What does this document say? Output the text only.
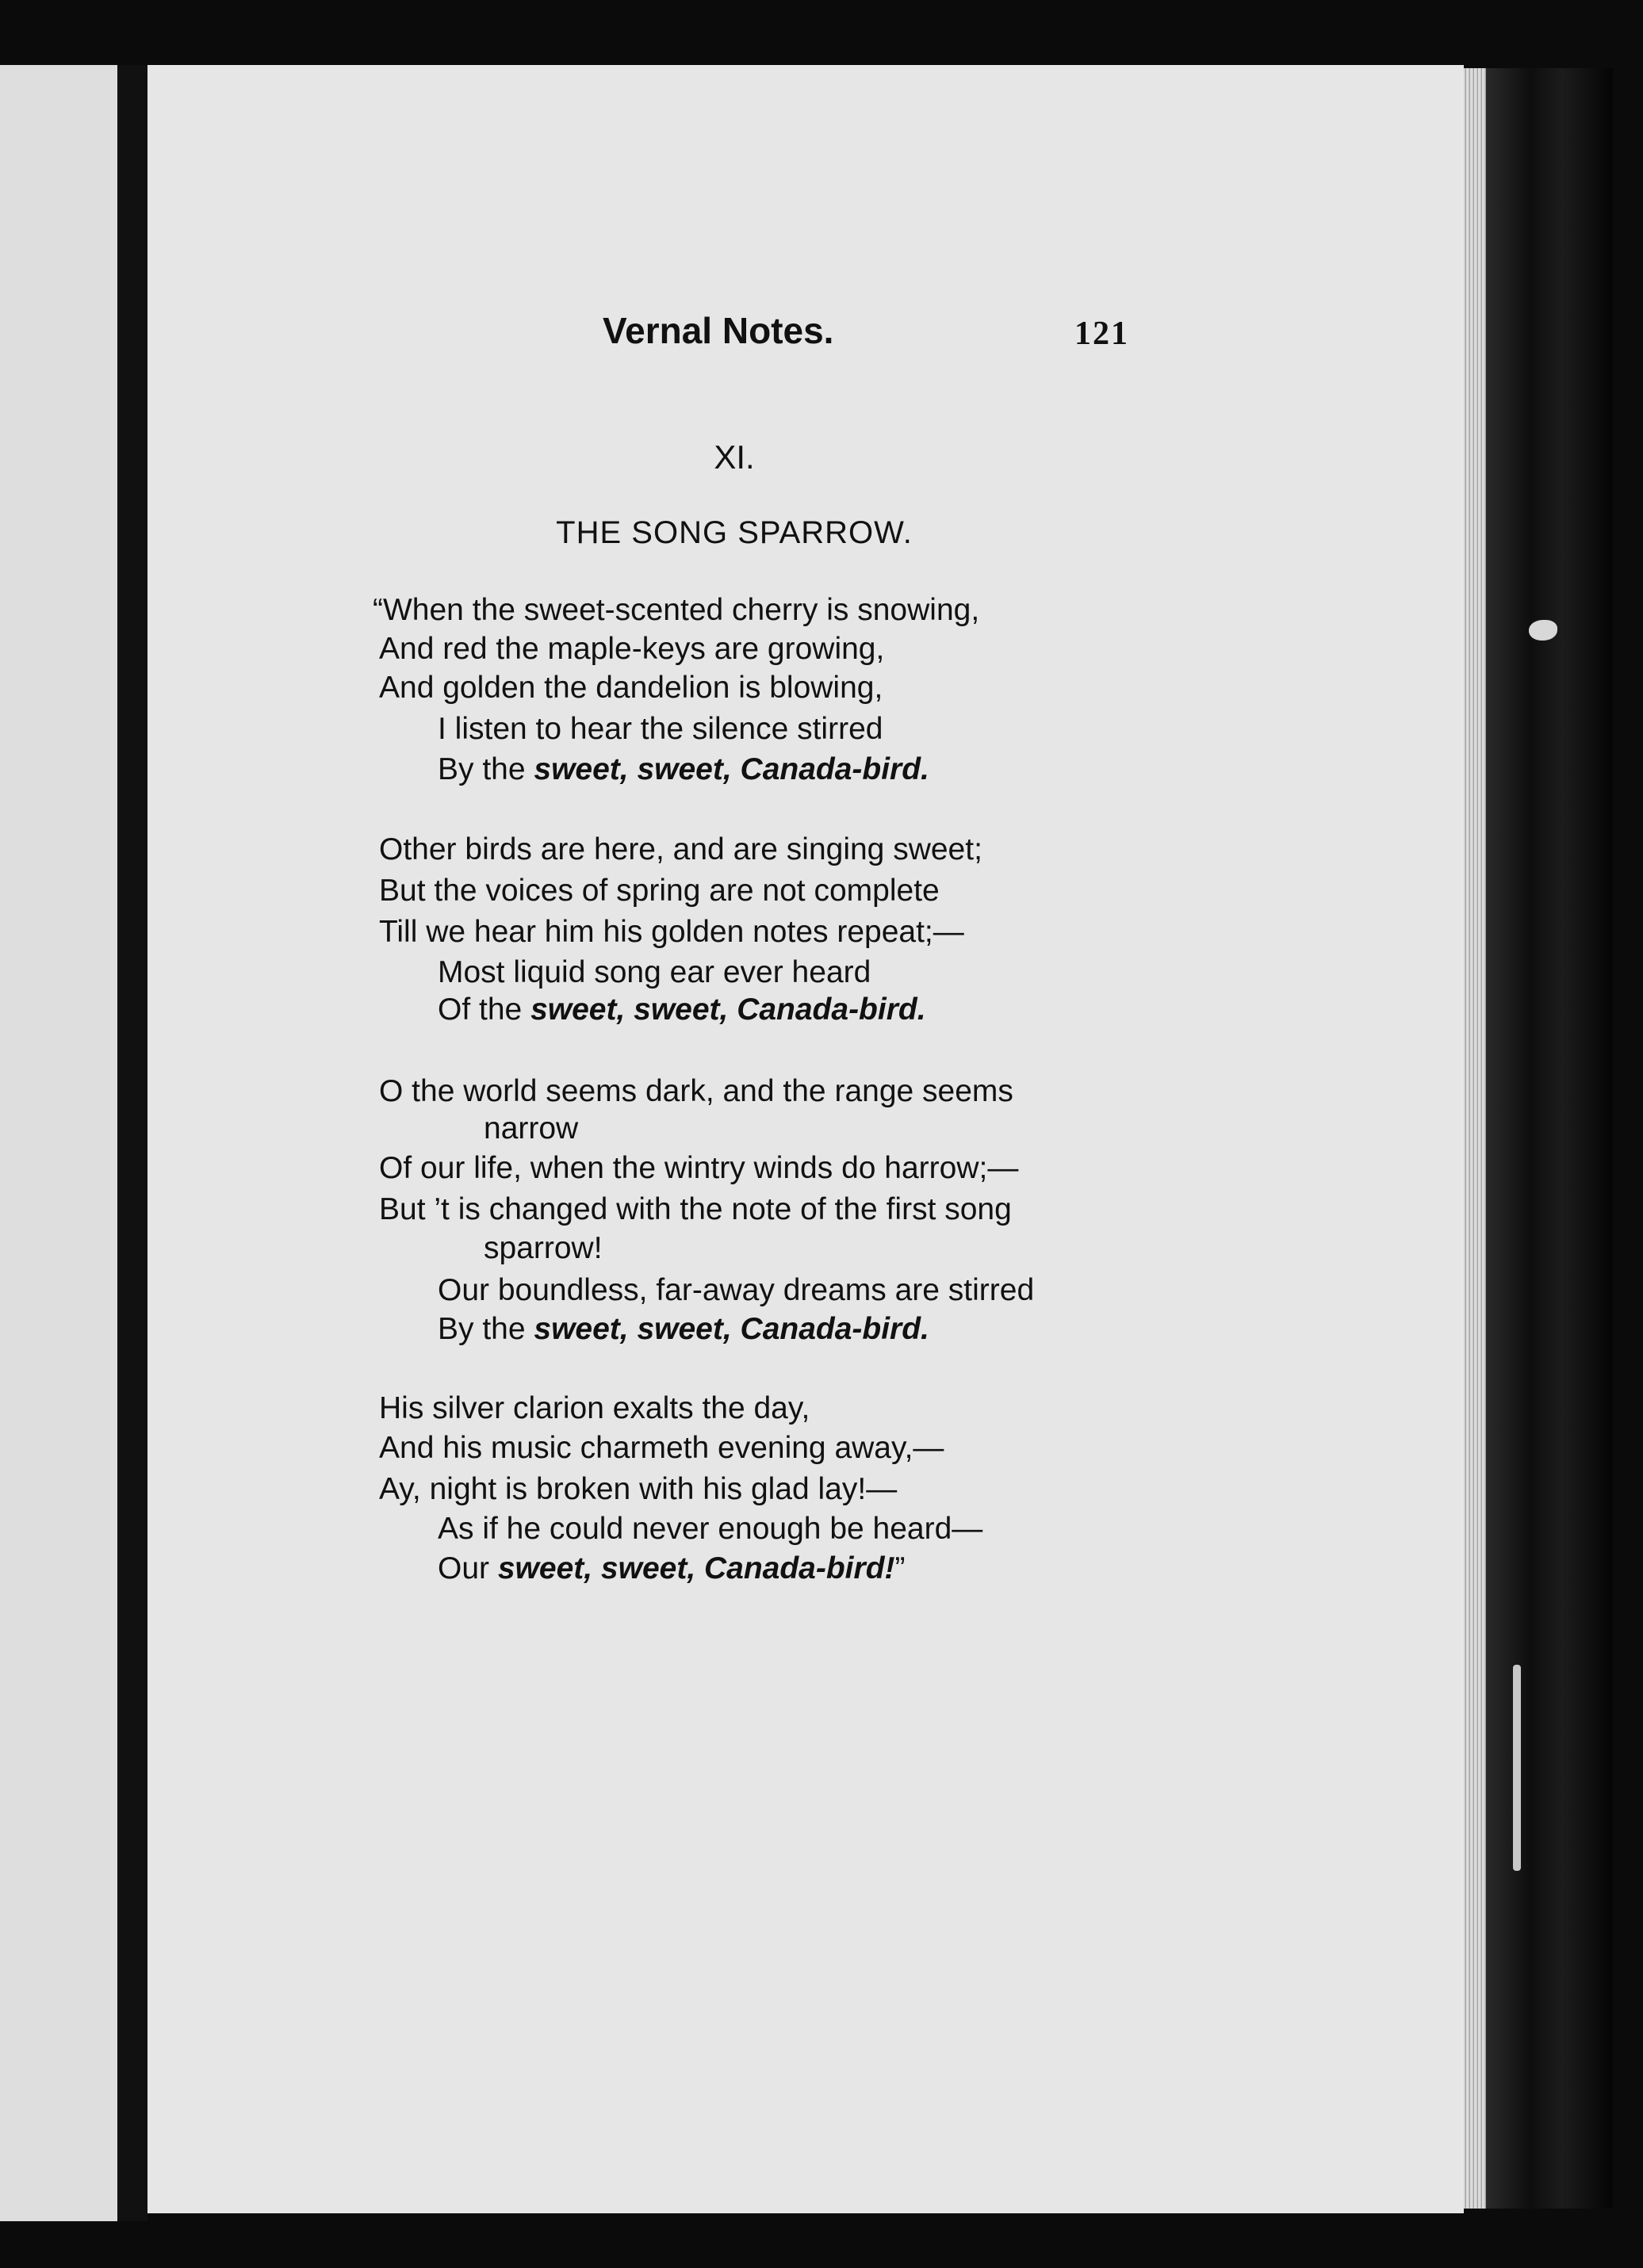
Vernal Notes.	121
XI.
THE SONG SPARROW.
“When the sweet-scented cherry is snowing,
And red the maple-keys are growing,
And golden the dandelion is blowing,
I listen to hear the silence stirred
By the sweet, sweet, Canada-bird.
Other birds are here, and are singing sweet;
But the voices of spring are not complete
Till we hear him his golden notes repeat;—
Most liquid song ear ever heard
Of the sweet, sweet, Canada-bird.
O the world seems dark, and the range seems
narrow
Of our life, when the wintry winds do harrow;—
But ’t is changed with the note of the first song
sparrow!
Our boundless, far-away dreams are stirred
By the sweet, sweet, Canada-bird.
His silver clarion exalts the day,
And his music charmeth evening away,—
Ay, night is broken with his glad lay!—
As if he could never enough be heard—
Our sweet, sweet, Canada-bird!”
